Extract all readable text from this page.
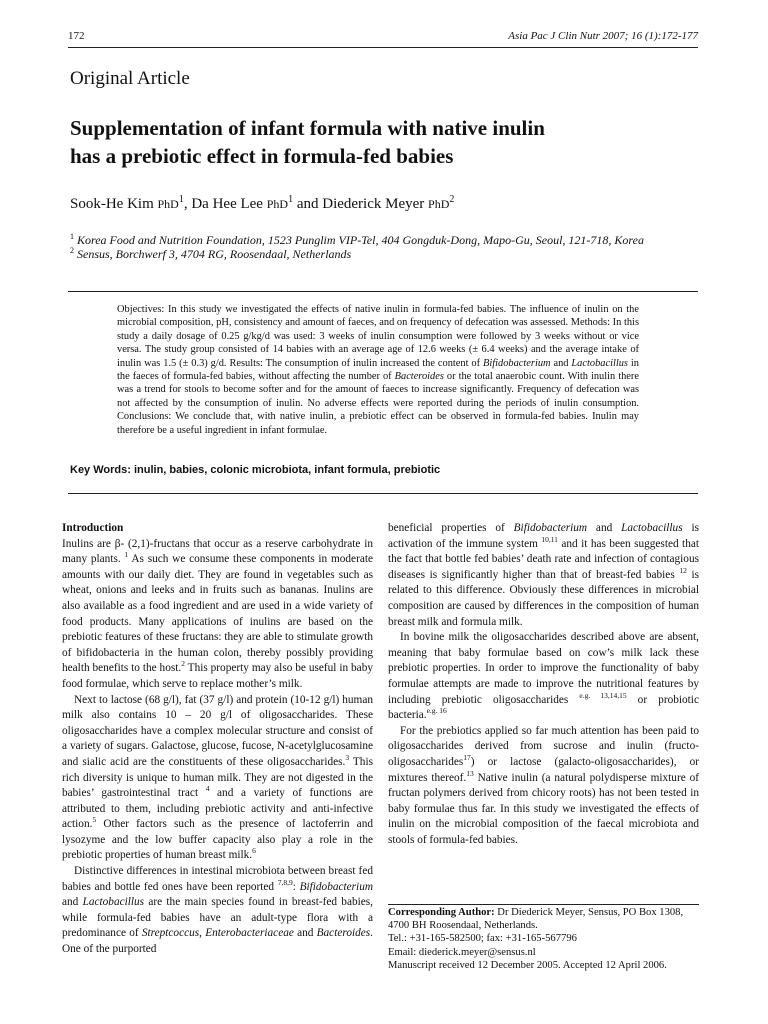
172	Asia Pac J Clin Nutr 2007; 16 (1):172-177
Original Article
Supplementation of infant formula with native inulin
has a prebiotic effect in formula-fed babies
Sook-He Kim PhD$^1$, Da Hee Lee PhD$^1$ and Diederick Meyer PhD$^2$
$^1$ Korea Food and Nutrition Foundation, 1523 Punglim VIP-Tel, 404 Gongduk-Dong, Mapo-Gu, Seoul, 121-718, Korea
$^2$ Sensus, Borchwerf 3, 4704 RG, Roosendaal, Netherlands
Objectives: In this study we investigated the effects of native inulin in formula-fed babies. The influence of inulin on the microbial composition, pH, consistency and amount of faeces, and on frequency of defecation was assessed. Methods: In this study a daily dosage of 0.25 g/kg/d was used: 3 weeks of inulin consumption were followed by 3 weeks without or vice versa. The study group consisted of 14 babies with an average age of 12.6 weeks (± 6.4 weeks) and the average intake of inulin was 1.5 (± 0.3) g/d. Results: The consumption of inulin increased the content of Bifidobacterium and Lactobacillus in the faeces of formula-fed babies, without affecting the number of Bacteroides or the total anaerobic count. With inulin there was a trend for stools to become softer and for the amount of faeces to increase significantly. Frequency of defecation was not affected by the consumption of inulin. No adverse effects were reported during the periods of inulin consumption. Conclusions: We conclude that, with native inulin, a prebiotic effect can be observed in formula-fed babies. Inulin may therefore be a useful ingredient in infant formulae.
Key Words: inulin, babies, colonic microbiota, infant formula, prebiotic

Introduction

Inulins are β- (2,1)-fructans that occur as a reserve carbohydrate in many plants. $^1$ As such we consume these components in moderate amounts with our daily diet. They are found in vegetables such as wheat, onions and leeks and in fruits such as bananas. Inulins are also available as a food ingredient and are used in a wide variety of food products. Many applications of inulins are based on the prebiotic features of these fructans: they are able to stimulate growth of bifidobacteria in the human colon, thereby possibly providing health benefits to the host.$^2$ This property may also be useful in baby food formulae, which serve to replace mother’s milk.

Next to lactose (68 g/l), fat (37 g/l) and protein (10-12 g/l) human milk also contains 10 – 20 g/l of oligosaccharides. These oligosaccharides have a complex molecular structure and consist of a variety of sugars. Galactose, glucose, fucose, N-acetylglucosamine and sialic acid are the constituents of these oligosaccharides.$^3$ This rich diversity is unique to human milk. They are not digested in the babies’ gastrointestinal tract $^4$ and a variety of functions are attributed to them, including prebiotic activity and anti-infective action.$^5$ Other factors such as the presence of lactoferrin and lysozyme and the low buffer capacity also play a role in the prebiotic properties of human breast milk.$^6$

Distinctive differences in intestinal microbiota between breast fed babies and bottle fed ones have been reported $^{7,8,9}$: Bifidobacterium and Lactobacillus are the main species found in breast-fed babies, while formula-fed babies have an adult-type flora with a predominance of Streptcoccus, Enterobacteriaceae and Bacteroides. One of the purported

beneficial properties of Bifidobacterium and Lactobacillus is activation of the immune system $^{10,11}$ and it has been suggested that the fact that bottle fed babies’ death rate and infection of contagious diseases is significantly higher than that of breast-fed babies $^{12}$ is related to this difference. Obviously these differences in microbial composition are caused by differences in the composition of human breast milk and formula milk.

In bovine milk the oligosaccharides described above are absent, meaning that baby formulae based on cow’s milk lack these prebiotic properties. In order to improve the functionality of baby formulae attempts are made to improve the nutritional features by including prebiotic oligosaccharides $^{e.g. 13,14,15}$ or probiotic bacteria.$^{e.g. 16}$

For the prebiotics applied so far much attention has been paid to oligosaccharides derived from sucrose and inulin (fructo-oligosaccharides$^{17}$) or lactose (galacto-oligosaccharides), or mixtures thereof.$^{13}$ Native inulin (a natural polydisperse mixture of fructan polymers derived from chicory roots) has not been tested in baby formulae thus far. In this study we investigated the effects of inulin on the microbial composition of the faecal microbiota and stools of formula-fed babies.

Corresponding Author: Dr Diederick Meyer, Sensus, PO Box 1308, 4700 BH Roosendaal, Netherlands.
Tel.: +31-165-582500; fax: +31-165-567796
Email: diederick.meyer@sensus.nl
Manuscript received 12 December 2005. Accepted 12 April 2006.
